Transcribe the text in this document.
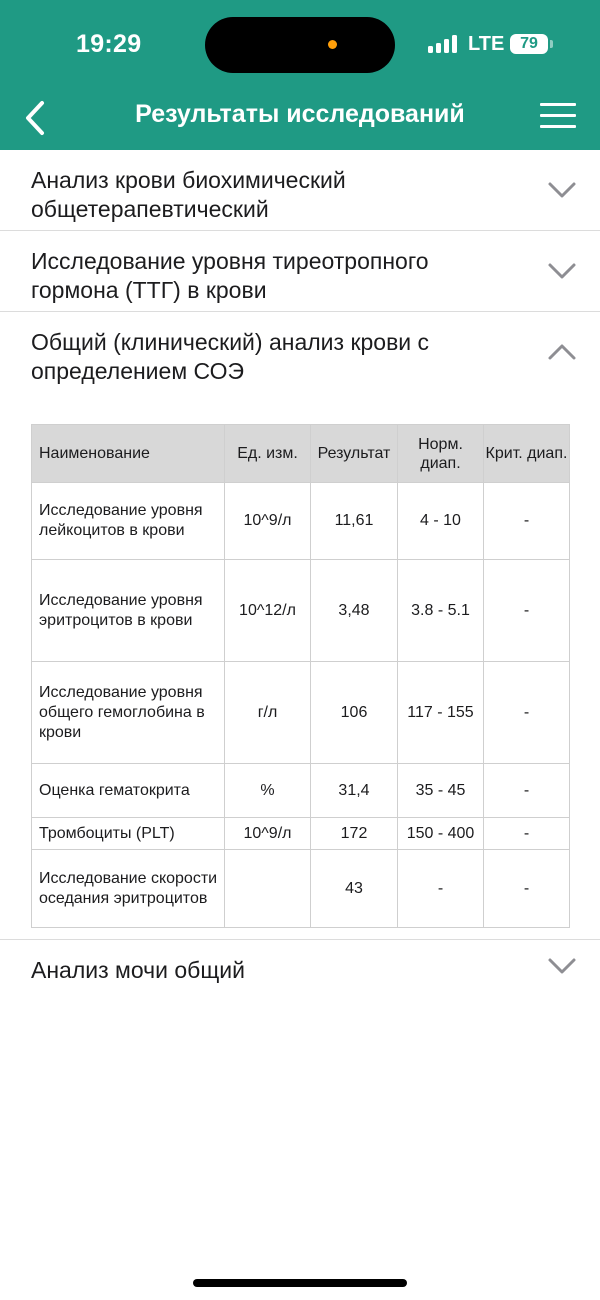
19:29	LTE 79
Результаты исследований
Анализ крови биохимический общетерапевтический
Исследование уровня тиреотропного гормона (ТТГ) в крови
Общий (клинический) анализ крови с определением СОЭ
Наименование	Ед. изм.	Результат	Норм. диап.	Крит. диап.
Исследование уровня лейкоцитов в крови	10^9/л	11,61	4 - 10	-
Исследование уровня эритроцитов в крови	10^12/л	3,48	3.8 - 5.1	-
Исследование уровня общего гемоглобина в крови	г/л	106	117 - 155	-
Оценка гематокрита	%	31,4	35 - 45	-
Тромбоциты (PLT)	10^9/л	172	150 - 400	-
Исследование скорости оседания эритроцитов		43	-	-
Анализ мочи общий
